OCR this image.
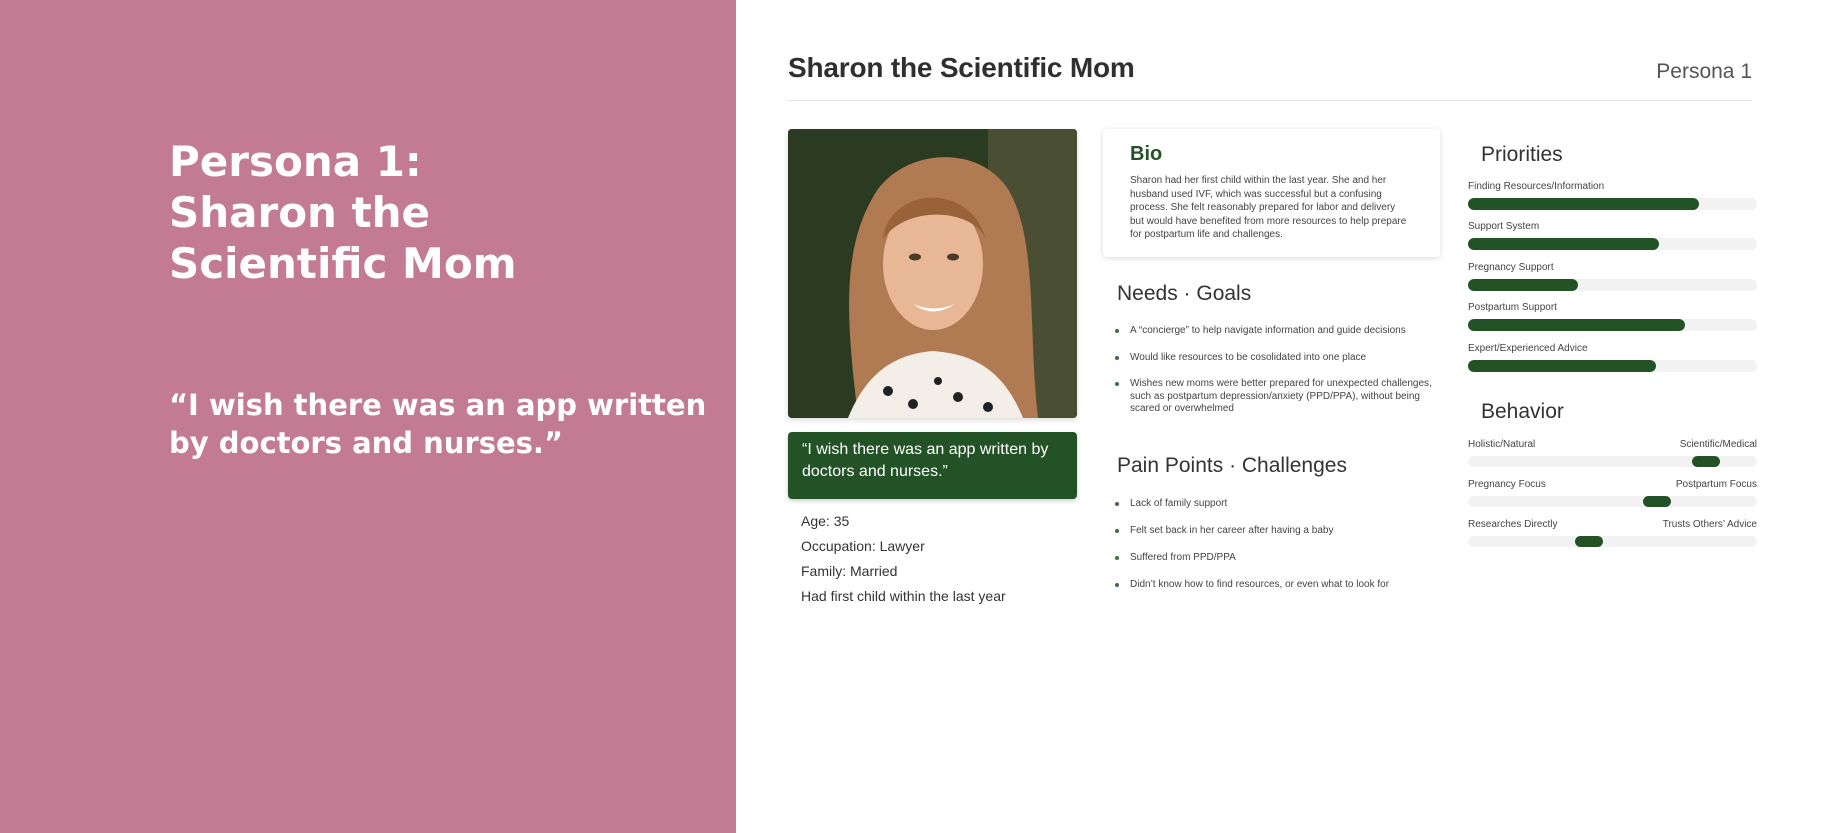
Persona 1:
Sharon the
Scientific Mom
“I wish there was an app written by doctors and nurses.”
Sharon the Scientific Mom	Persona 1
“I wish there was an app written by doctors and nurses.”
Age: 35
Occupation: Lawyer
Family: Married
Had first child within the last year
Bio
Sharon had her first child within the last year. She and her husband used IVF, which was successful but a confusing process. She felt reasonably prepared for labor and delivery but would have benefited from more resources to help prepare for postpartum life and challenges.
Needs · Goals
A “concierge” to help navigate information and guide decisions
Would like resources to be cosolidated into one place
Wishes new moms were better prepared for unexpected challenges, such as postpartum depression/anxiety (PPD/PPA), without being scared or overwhelmed
Pain Points · Challenges
Lack of family support
Felt set back in her career after having a baby
Suffered from PPD/PPA
Didn’t know how to find resources, or even what to look for
Priorities
Finding Resources/Information
Support System
Pregnancy Support
Postpartum Support
Expert/Experienced Advice
Behavior
Holistic/Natural	Scientific/Medical
Pregnancy Focus	Postpartum Focus
Researches Directly	Trusts Others’ Advice
